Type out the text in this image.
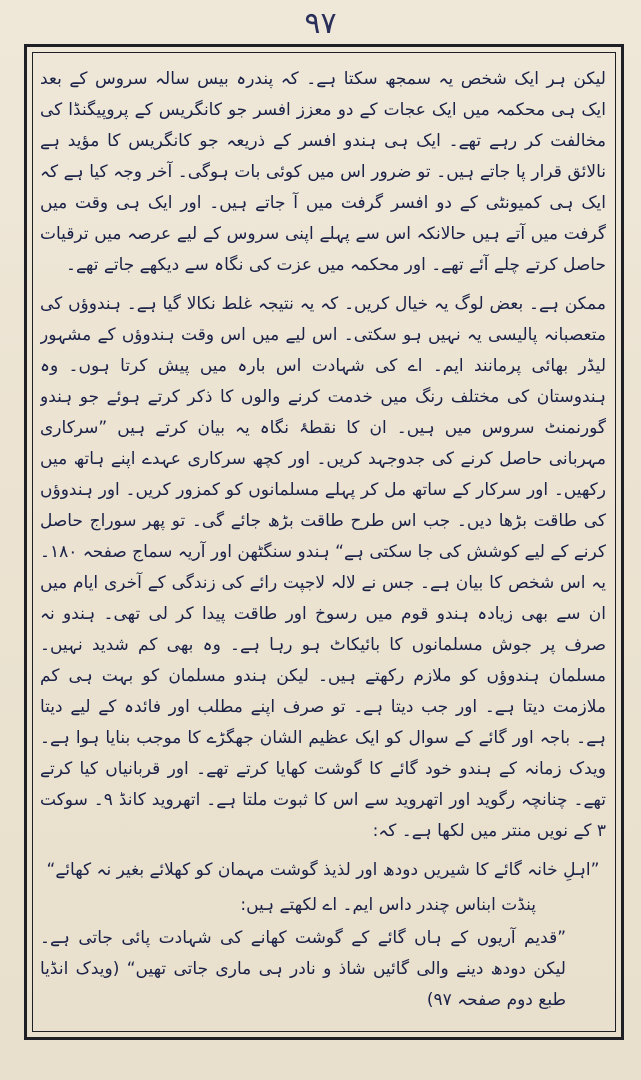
۹۷

لیکن ہر ایک شخص یہ سمجھ سکتا ہے۔ کہ پندرہ بیس سالہ سروس کے بعد ایک ہی محکمہ میں ایک عجات کے دو معزز افسر جو کانگریس کے پروپیگنڈا کی مخالفت کر رہے تھے۔ ایک ہی ہندو افسر کے ذریعہ جو کانگریس کا مؤید ہے نالائق قرار پا جاتے ہیں۔ تو ضرور اس میں کوئی بات ہوگی۔ آخر وجہ کیا ہے کہ ایک ہی کمیونٹی کے دو افسر گرفت میں آ جاتے ہیں۔ اور ایک ہی وقت میں گرفت میں آتے ہیں حالانکہ اس سے پہلے اپنی سروس کے لیے عرصہ میں ترقیات حاصل کرتے چلے آئے تھے۔ اور محکمہ میں عزت کی نگاہ سے دیکھے جاتے تھے۔

ممکن ہے۔ بعض لوگ یہ خیال کریں۔ کہ یہ نتیجہ غلط نکالا گیا ہے۔ ہندوؤں کی متعصبانہ پالیسی یہ نہیں ہو سکتی۔ اس لیے میں اس وقت ہندوؤں کے مشہور لیڈر بھائی پرمانند ایم۔ اے کی شہادت اس بارہ میں پیش کرتا ہوں۔ وہ ہندوستان کی مختلف رنگ میں خدمت کرنے والوں کا ذکر کرتے ہوئے جو ہندو گورنمنٹ سروس میں ہیں۔ ان کا نقطۂ نگاہ یہ بیان کرتے ہیں ”سرکاری مہربانی حاصل کرنے کی جدوجہد کریں۔ اور کچھ سرکاری عہدے اپنے ہاتھ میں رکھیں۔ اور سرکار کے ساتھ مل کر پہلے مسلمانوں کو کمزور کریں۔ اور ہندوؤں کی طاقت بڑھا دیں۔ جب اس طرح طاقت بڑھ جائے گی۔ تو پھر سوراج حاصل کرنے کے لیے کوشش کی جا سکتی ہے“ ہندو سنگٹھن اور آریہ سماج صفحہ ۱۸۰۔ یہ اس شخص کا بیان ہے۔ جس نے لالہ لاجپت رائے کی زندگی کے آخری ایام میں ان سے بھی زیادہ ہندو قوم میں رسوخ اور طاقت پیدا کر لی تھی۔ ہندو نہ صرف پر جوش مسلمانوں کا بائیکاٹ ہو رہا ہے۔ وہ بھی کم شدید نہیں۔ مسلمان ہندوؤں کو ملازم رکھتے ہیں۔ لیکن ہندو مسلمان کو بہت ہی کم ملازمت دیتا ہے۔ اور جب دیتا ہے۔ تو صرف اپنے مطلب اور فائدہ کے لیے دیتا ہے۔ باجہ اور گائے کے سوال کو ایک عظیم الشان جھگڑے کا موجب بنایا ہوا ہے۔ ویدک زمانہ کے ہندو خود گائے کا گوشت کھایا کرتے تھے۔ اور قربانیاں کیا کرتے تھے۔ چنانچہ رگوید اور اتھروید سے اس کا ثبوت ملتا ہے۔ اتھروید کانڈ ۹۔ سوکت ۳ کے نویں منتر میں لکھا ہے۔ کہ:

”اہلِ خانہ گائے کا شیریں دودھ اور لذیذ گوشت مہمان کو کھلائے بغیر نہ کھائے“

پنڈت ابناس چندر داس ایم۔ اے لکھتے ہیں:

”قدیم آریوں کے ہاں گائے کے گوشت کھانے کی شہادت پائی جاتی ہے۔ لیکن دودھ دینے والی گائیں شاذ و نادر ہی ماری جاتی تھیں“ (ویدک انڈیا طبع دوم صفحہ ۹۷)
